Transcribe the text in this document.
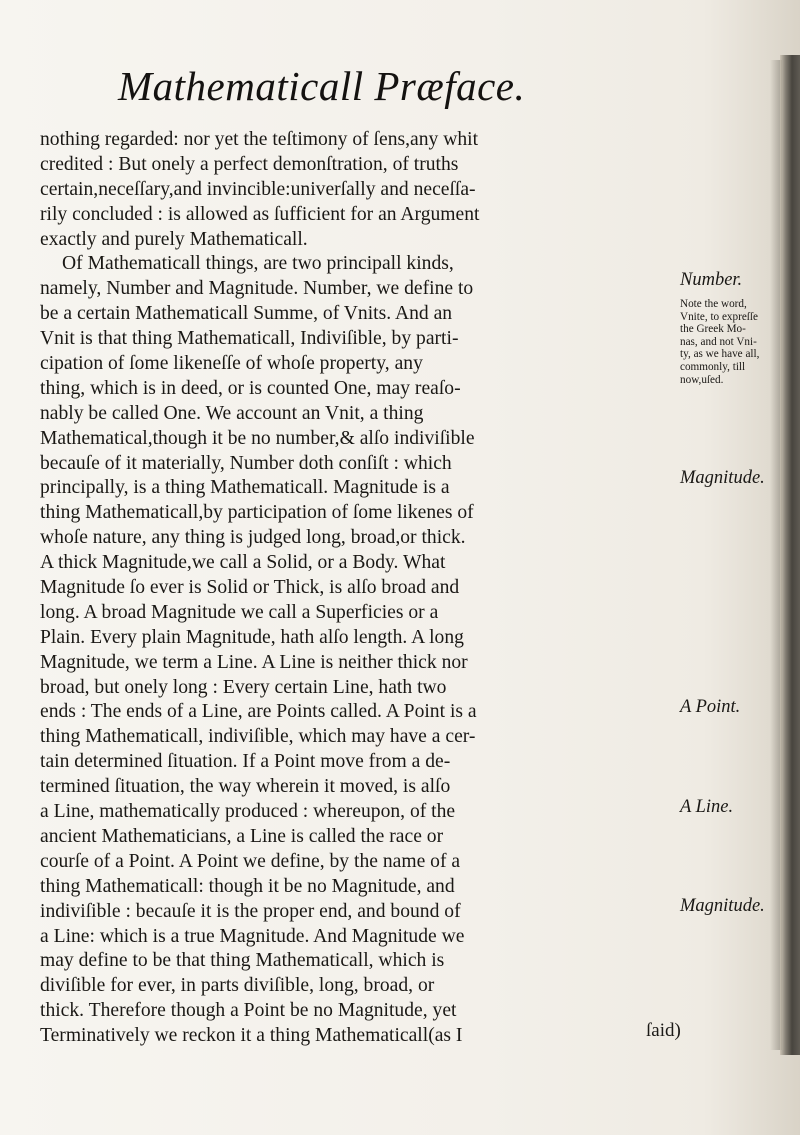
Mathematicall Præface.
nothing regarded: nor yet the teſtimony of ſens,any whit
credited : But onely a perfect demonſtration, of truths
certain,neceſſary,and invincible:univerſally and neceſſa-
rily concluded : is allowed as ſufficient for an Argument
exactly and purely Mathematicall.
Of Mathematicall things, are two principall kinds,
namely, Number and Magnitude. Number, we define to
be a certain Mathematicall Summe, of Vnits. And an
Vnit is that thing Mathematicall, Indiviſible, by parti-
cipation of ſome likeneſſe of whoſe property, any
thing, which is in deed, or is counted One, may reaſo-
nably be called One. We account an Vnit, a thing
Mathematical,though it be no number,& alſo indiviſible
becauſe of it materially, Number doth conſiſt : which
principally, is a thing Mathematicall. Magnitude is a
thing Mathematicall,by participation of ſome likenes of
whoſe nature, any thing is judged long, broad,or thick.
A thick Magnitude,we call a Solid, or a Body. What
Magnitude ſo ever is Solid or Thick, is alſo broad and
long. A broad Magnitude we call a Superficies or a
Plain. Every plain Magnitude, hath alſo length. A long
Magnitude, we term a Line. A Line is neither thick nor
broad, but onely long : Every certain Line, hath two
ends : The ends of a Line, are Points called. A Point is a
thing Mathematicall, indiviſible, which may have a cer-
tain determined ſituation. If a Point move from a de-
termined ſituation, the way wherein it moved, is alſo
a Line, mathematically produced : whereupon, of the
ancient Mathematicians, a Line is called the race or
courſe of a Point. A Point we define, by the name of a
thing Mathematicall: though it be no Magnitude, and
indiviſible : becauſe it is the proper end, and bound of
a Line: which is a true Magnitude. And Magnitude we
may define to be that thing Mathematicall, which is
diviſible for ever, in parts diviſible, long, broad, or
thick. Therefore though a Point be no Magnitude, yet
Terminatively we reckon it a thing Mathematicall(as I
Number.
Note the word,
Vnite, to expreſſe
the Greek Mo-
nas, and not Vni-
ty, as we have all,
commonly, till
now,uſed.
Magnitude.
A Point.
A Line.
Magnitude.
ſaid)
